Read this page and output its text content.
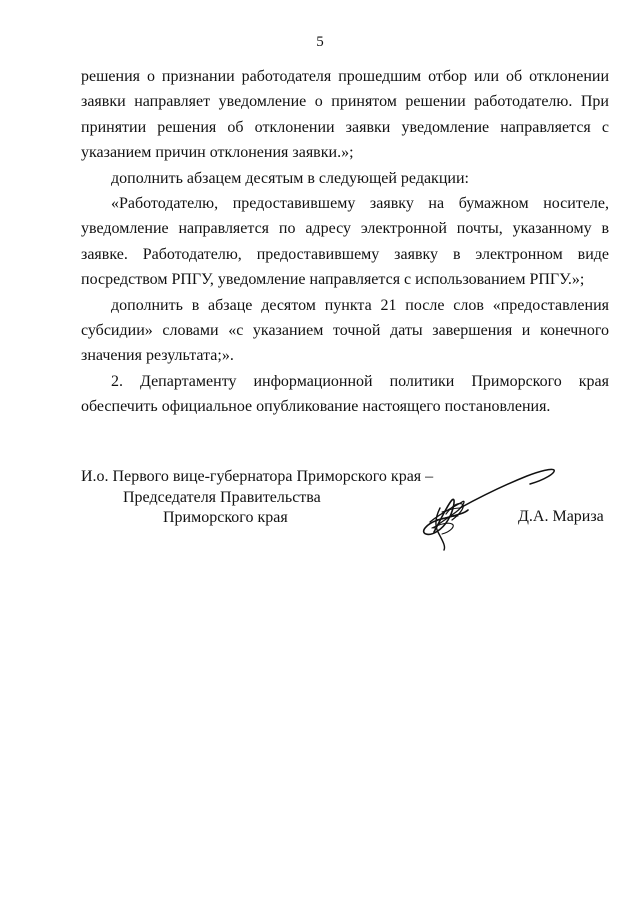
5

решения о признании работодателя прошедшим отбор или об отклонении заявки направляет уведомление о принятом решении работодателю. При принятии решения об отклонении заявки уведомление направляется с указанием причин отклонения заявки.»;

дополнить абзацем десятым в следующей редакции:

«Работодателю, предоставившему заявку на бумажном носителе, уведомление направляется по адресу электронной почты, указанному в заявке. Работодателю, предоставившему заявку в электронном виде посредством РПГУ, уведомление направляется с использованием РПГУ.»;

дополнить в абзаце десятом пункта 21 после слов «предоставления субсидии» словами «с указанием точной даты завершения и конечного значения результата;».

2. Департаменту информационной политики Приморского края обеспечить официальное опубликование настоящего постановления.

И.о. Первого вице-губернатора Приморского края –
Председателя Правительства
Приморского края	Д.А. Мариза
